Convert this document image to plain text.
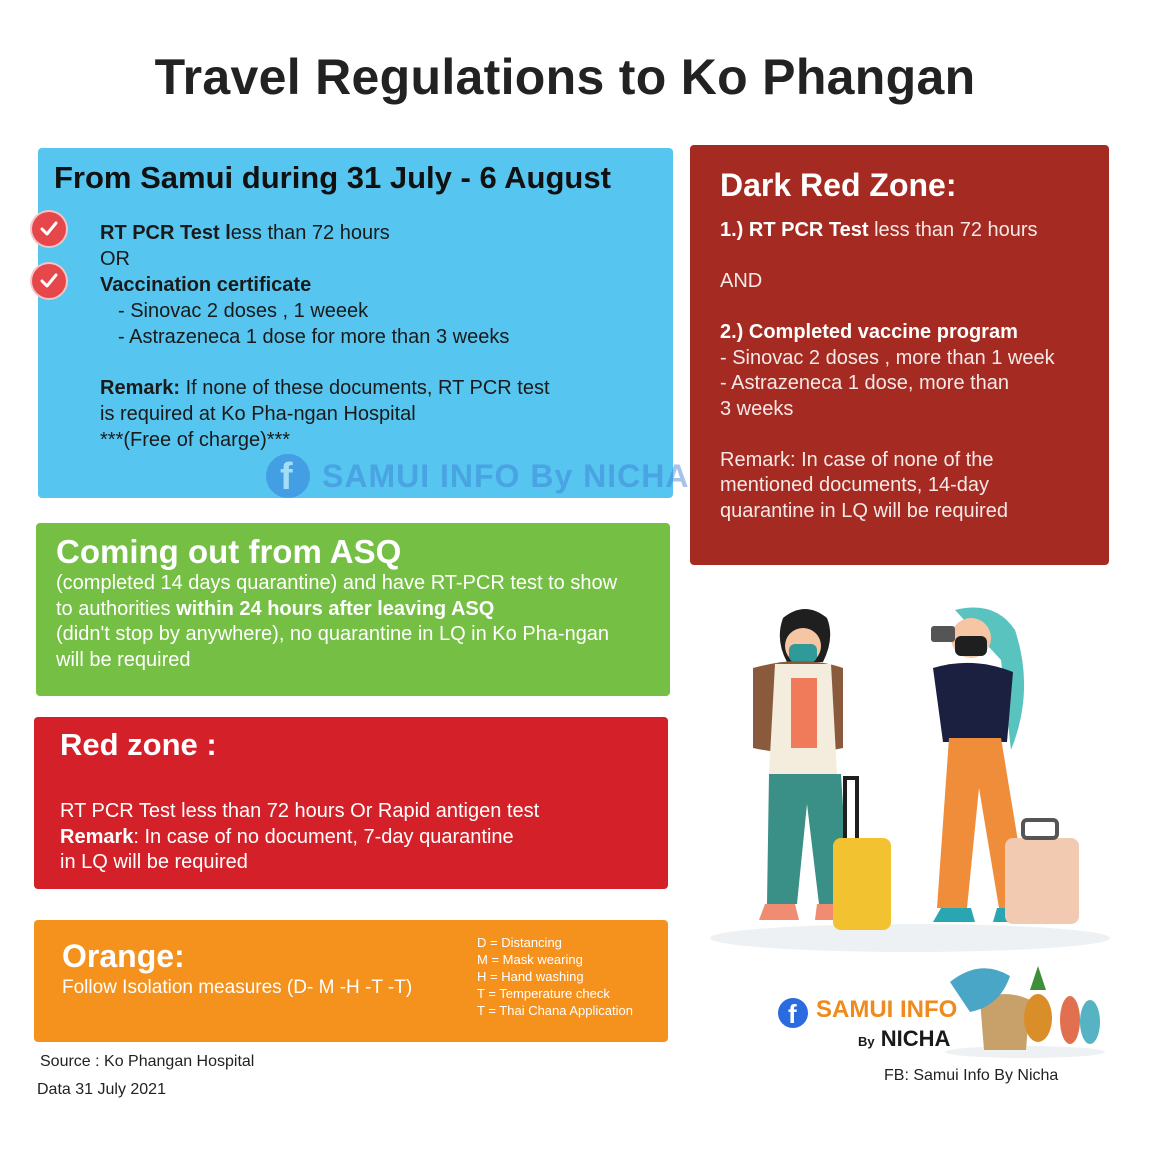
Travel Regulations to Ko Phangan
From Samui during 31 July - 6 August
RT PCR Test less than 72 hours
OR
Vaccination certificate
- Sinovac 2 doses , 1 weeek
- Astrazeneca 1 dose for more than 3 weeks
Remark: If none of these documents, RT PCR test
is required at Ko Pha-ngan Hospital
***(Free of charge)***
f SAMUI INFO By NICHA
Dark Red Zone:
1.) RT PCR Test less than 72 hours

AND

2.) Completed vaccine program
- Sinovac 2 doses , more than 1 week
- Astrazeneca 1 dose, more than
3 weeks

Remark: In case of none of the
mentioned documents, 14-day
quarantine in LQ will be required
Coming out from ASQ
(completed 14 days quarantine) and have RT-PCR test to show
to authorities within 24 hours after leaving ASQ
(didn't stop by anywhere), no quarantine in LQ in Ko Pha-ngan
will be required
Red zone :
RT PCR Test less than 72 hours Or Rapid antigen test
Remark: In case of no document, 7-day quarantine
in LQ will be required
Orange:
Follow Isolation measures (D- M -H -T -T)
D = Distancing
M = Mask wearing
H = Hand washing
T = Temperature check
T = Thai Chana Application	f SAMUI INFO
By NICHA
Source : Ko Phangan Hospital
Data 31 July 2021
FB: Samui Info By Nicha
